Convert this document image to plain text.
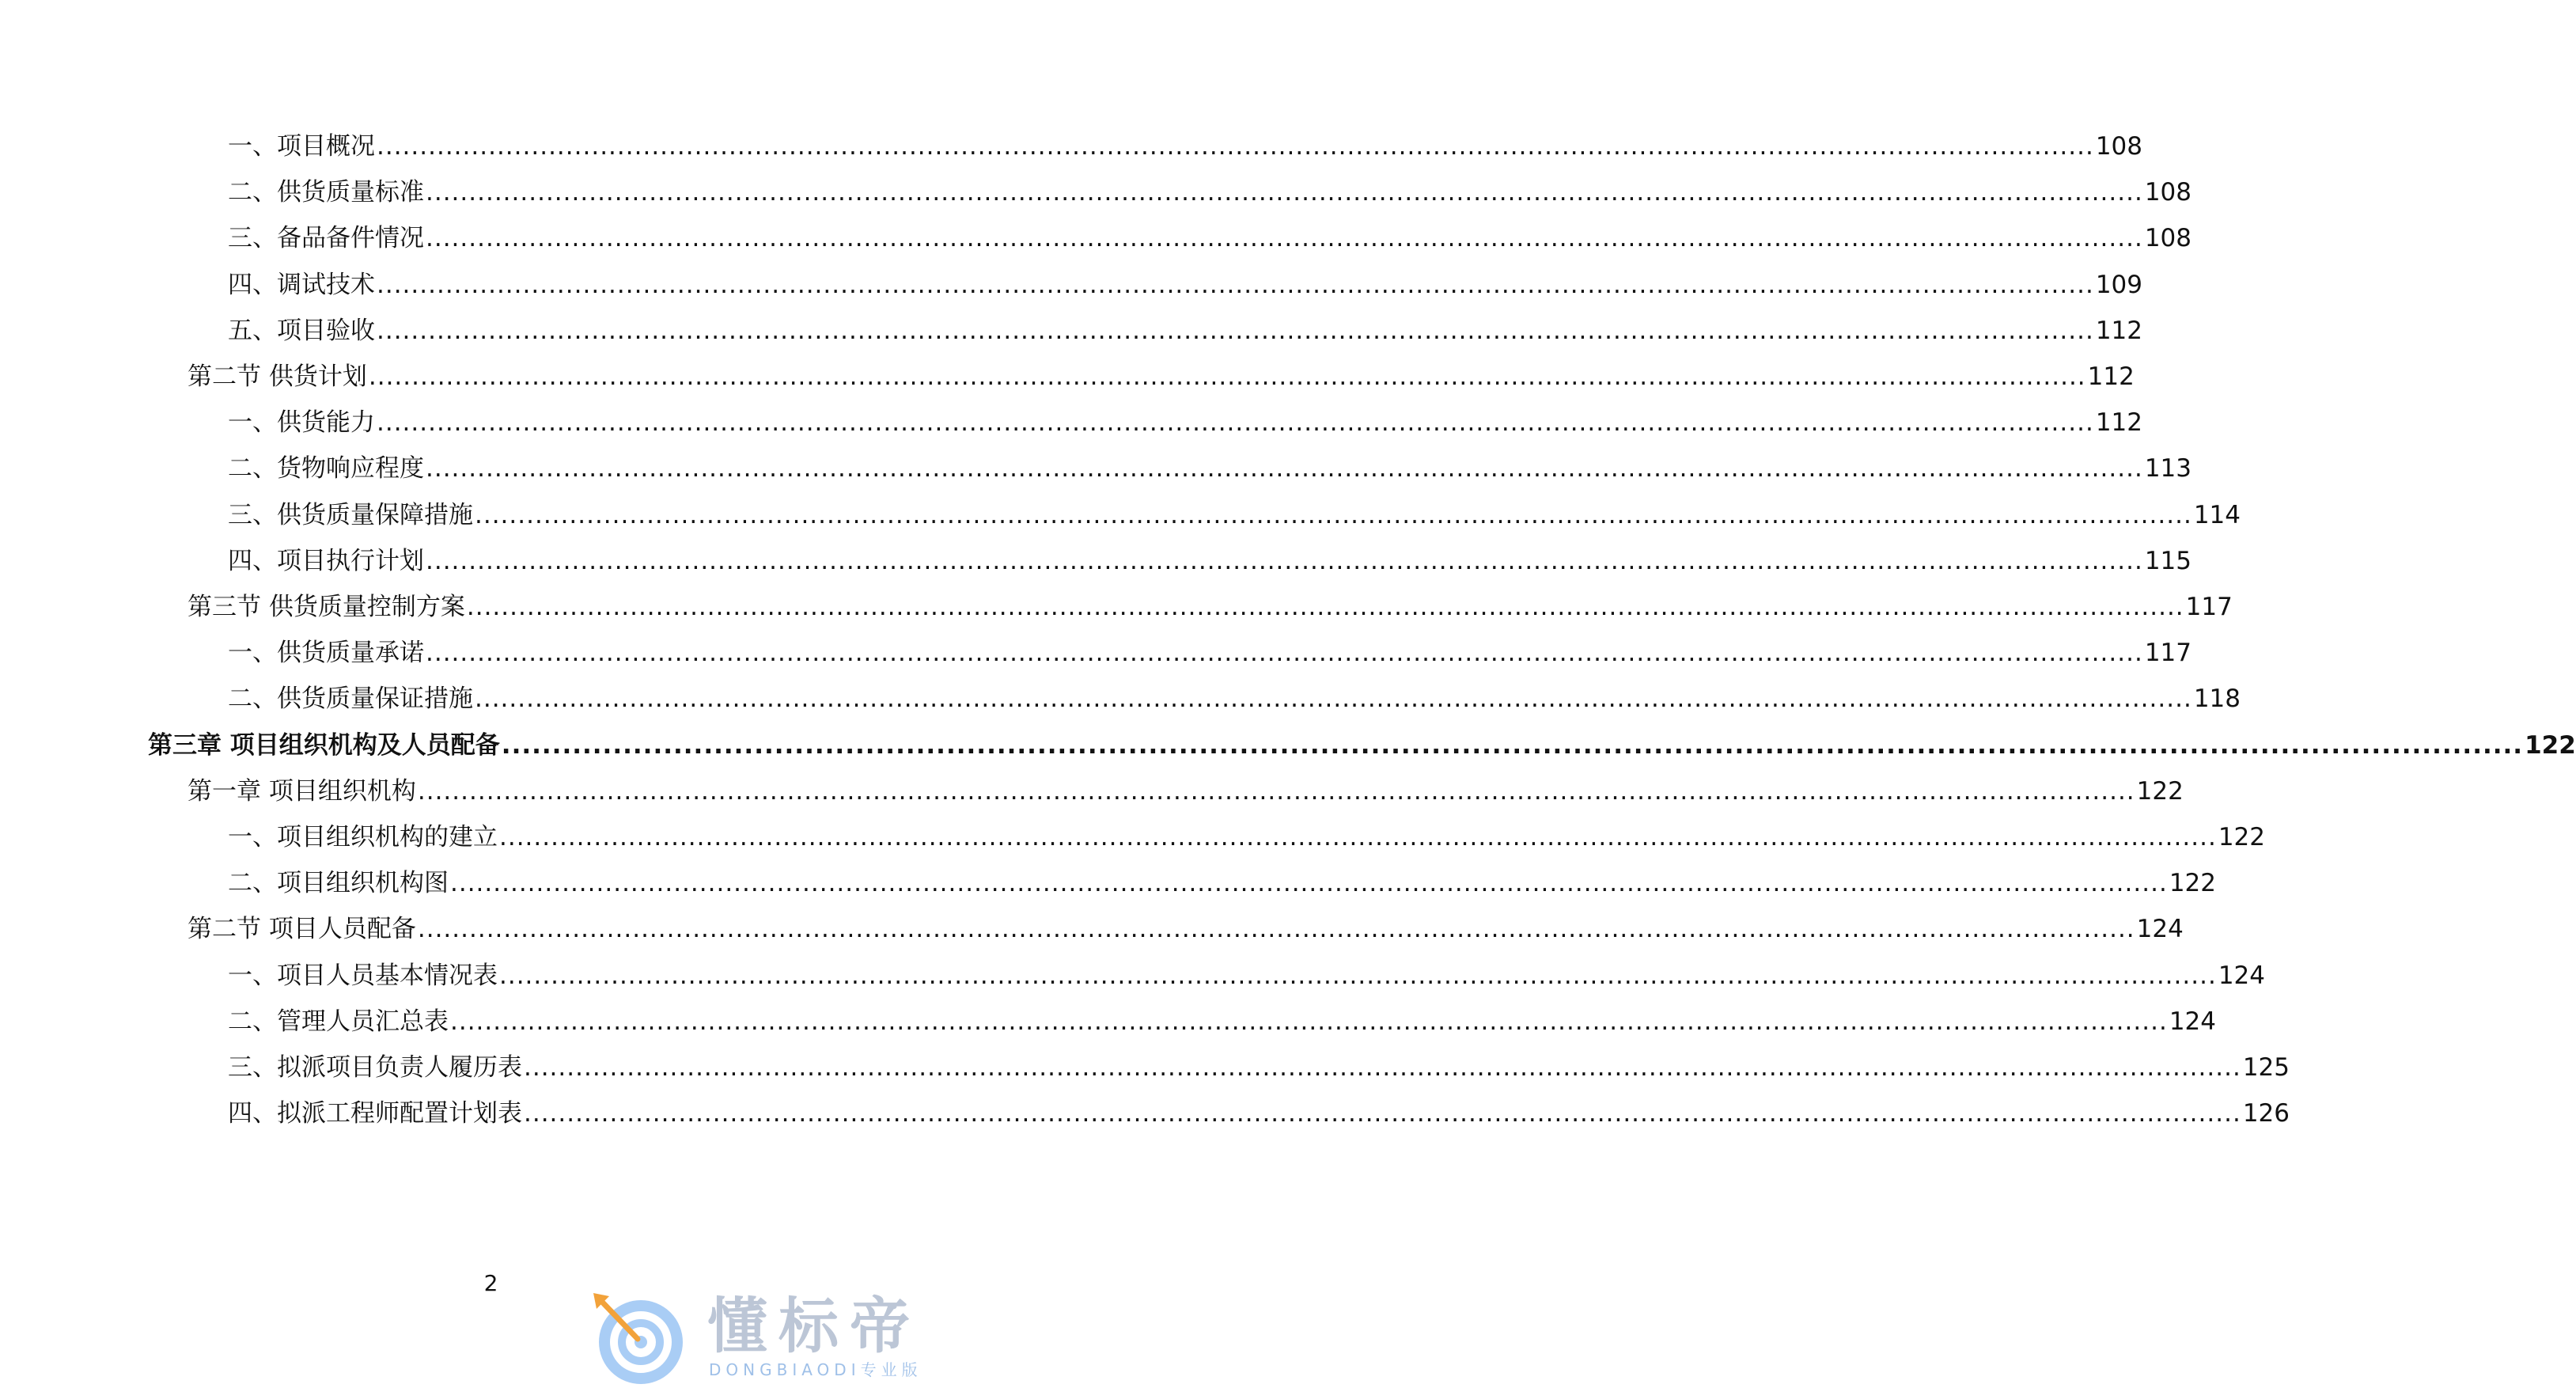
一、项目概况 ........................................................................................................................................................................................................ 108
二、供货质量标准 ........................................................................................................................................................................................................ 108
三、备品备件情况 ........................................................................................................................................................................................................ 108
四、调试技术 ........................................................................................................................................................................................................ 109
五、项目验收 ........................................................................................................................................................................................................ 112
第二节 供货计划 ........................................................................................................................................................................................................ 112
一、供货能力 ........................................................................................................................................................................................................ 112
二、货物响应程度 ........................................................................................................................................................................................................ 113
三、供货质量保障措施 ........................................................................................................................................................................................................ 114
四、项目执行计划 ........................................................................................................................................................................................................ 115
第三节 供货质量控制方案 ........................................................................................................................................................................................................ 117
一、供货质量承诺 ........................................................................................................................................................................................................ 117
二、供货质量保证措施 ........................................................................................................................................................................................................ 118
第三章 项目组织机构及人员配备 ........................................................................................................................................................................................................ 122
第一章 项目组织机构 ........................................................................................................................................................................................................ 122
一、项目组织机构的建立 ........................................................................................................................................................................................................ 122
二、项目组织机构图 ........................................................................................................................................................................................................ 122
第二节 项目人员配备 ........................................................................................................................................................................................................ 124
一、项目人员基本情况表 ........................................................................................................................................................................................................ 124
二、管理人员汇总表 ........................................................................................................................................................................................................ 124
三、拟派项目负责人履历表 ........................................................................................................................................................................................................ 125
四、拟派工程师配置计划表 ........................................................................................................................................................................................................ 126
2
懂标帝
DONGBIAODI专业版
